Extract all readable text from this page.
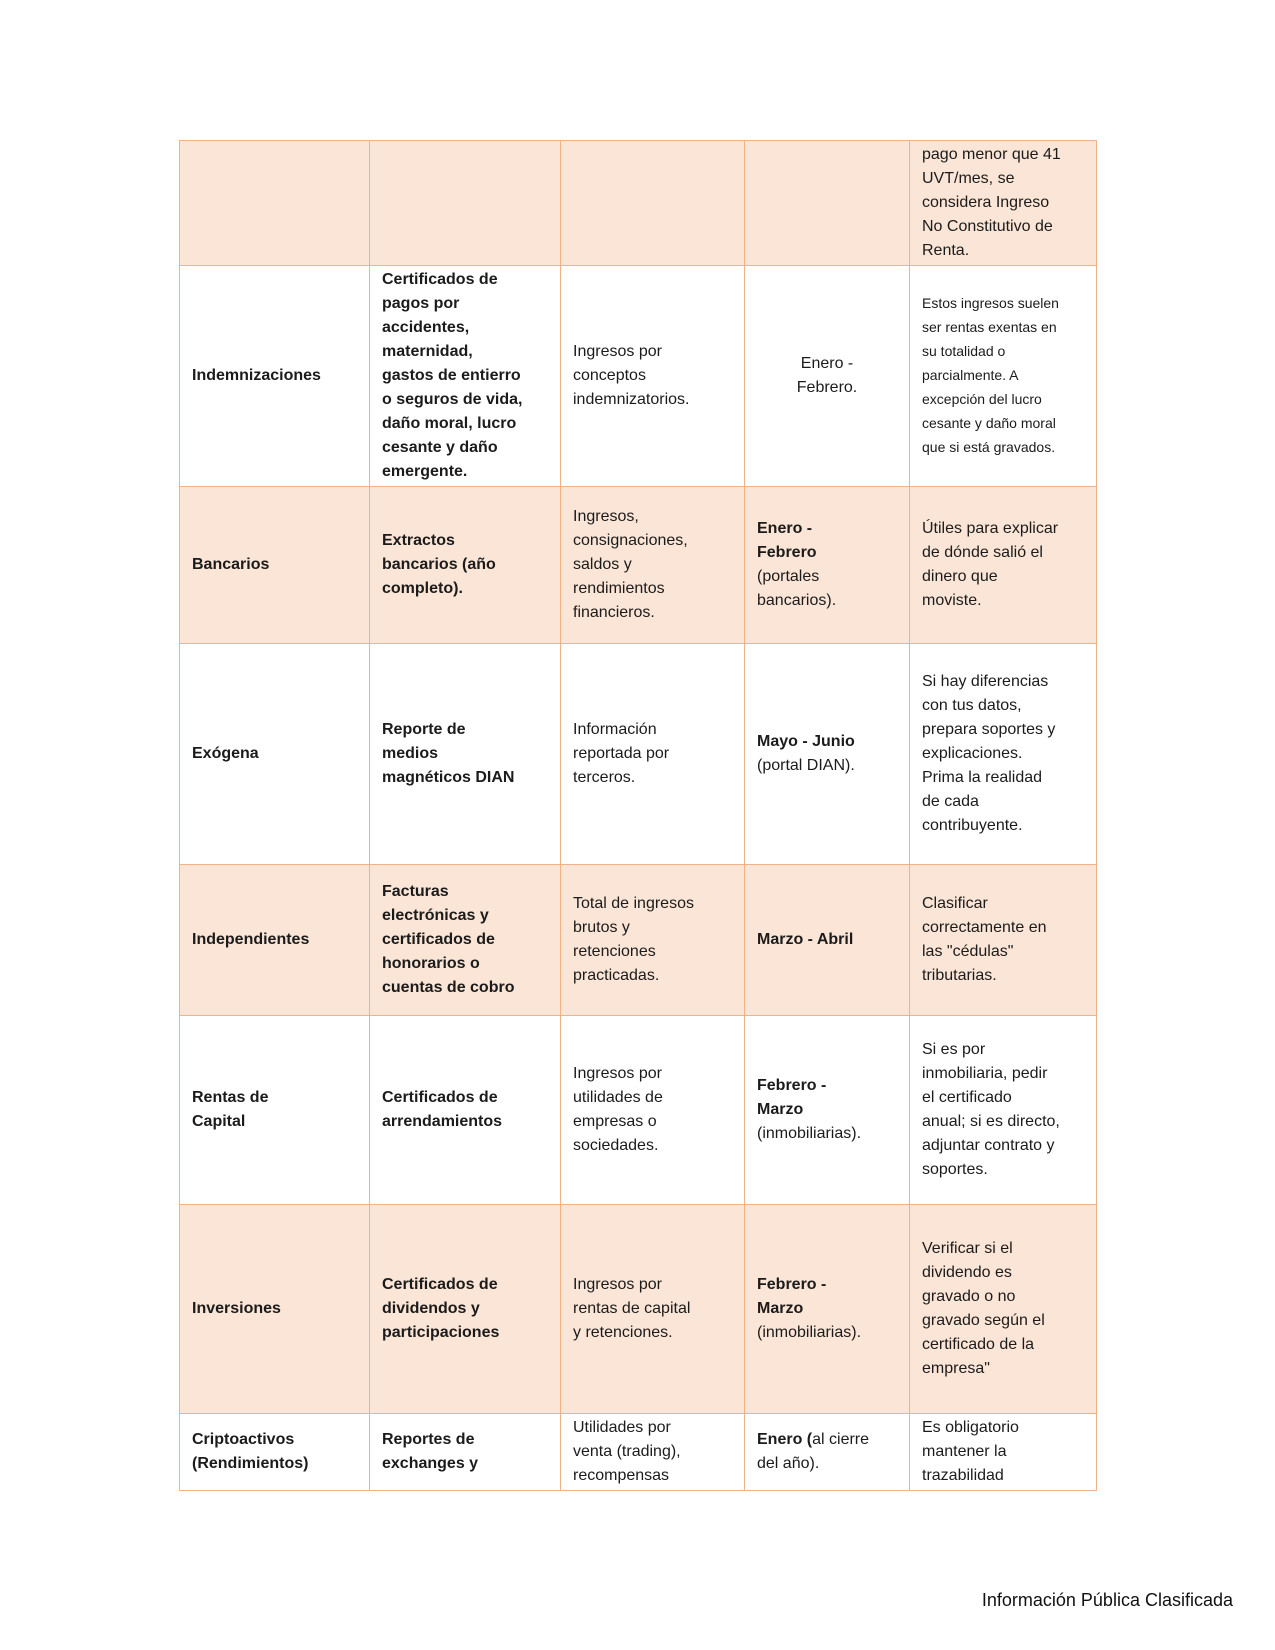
				pago menor que 41
UVT/mes, se
considera Ingreso
No Constitutivo de
Renta.
Indemnizaciones	Certificados de
pagos por
accidentes,
maternidad,
gastos de entierro
o seguros de vida,
daño moral, lucro
cesante y daño
emergente.	Ingresos por
conceptos
indemnizatorios.	Enero -
Febrero.	Estos ingresos suelen
ser rentas exentas en
su totalidad o
parcialmente. A
excepción del lucro
cesante y daño moral
que si está gravados.
Bancarios	Extractos
bancarios (año
completo).	Ingresos,
consignaciones,
saldos y
rendimientos
financieros.	Enero -
Febrero
(portales
bancarios).	Útiles para explicar
de dónde salió el
dinero que
moviste.
Exógena	Reporte de
medios
magnéticos DIAN	Información
reportada por
terceros.	Mayo - Junio
(portal DIAN).	Si hay diferencias
con tus datos,
prepara soportes y
explicaciones.
Prima la realidad
de cada
contribuyente.
Independientes	Facturas
electrónicas y
certificados de
honorarios o
cuentas de cobro	Total de ingresos
brutos y
retenciones
practicadas.	Marzo - Abril	Clasificar
correctamente en
las "cédulas"
tributarias.
Rentas de
Capital	Certificados de
arrendamientos	Ingresos por
utilidades de
empresas o
sociedades.	Febrero -
Marzo
(inmobiliarias).	Si es por
inmobiliaria, pedir
el certificado
anual; si es directo,
adjuntar contrato y
soportes.
Inversiones	Certificados de
dividendos y
participaciones	Ingresos por
rentas de capital
y retenciones.	Febrero -
Marzo
(inmobiliarias).	Verificar si el
dividendo es
gravado o no
gravado según el
certificado de la
empresa"
Criptoactivos
(Rendimientos)	Reportes de
exchanges y	Utilidades por
venta (trading),
recompensas	Enero (al cierre
del año).	Es obligatorio
mantener la
trazabilidad
Información Pública Clasificada
